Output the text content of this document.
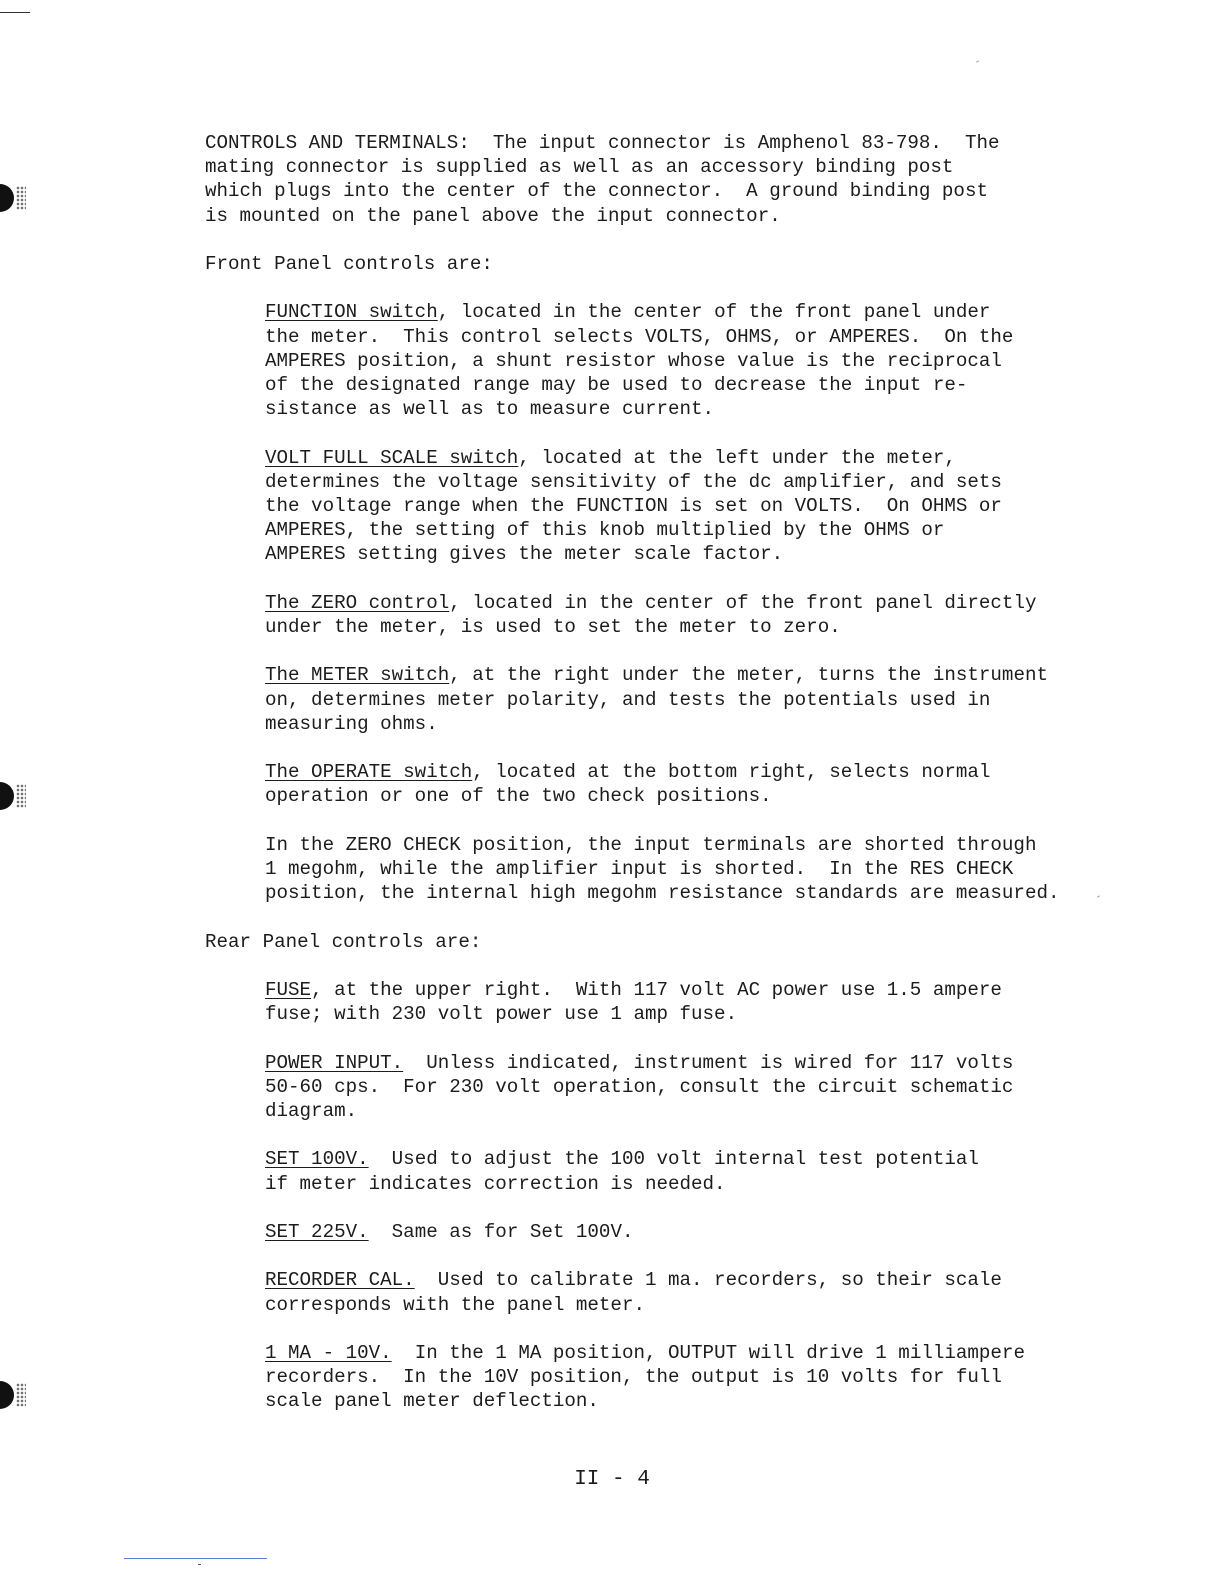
CONTROLS AND TERMINALS:  The input connector is Amphenol 83-798.  The
mating connector is supplied as well as an accessory binding post
which plugs into the center of the connector.  A ground binding post
is mounted on the panel above the input connector.

Front Panel controls are:

FUNCTION switch, located in the center of the front panel under
the meter.  This control selects VOLTS, OHMS, or AMPERES.  On the
AMPERES position, a shunt resistor whose value is the reciprocal
of the designated range may be used to decrease the input re-
sistance as well as to measure current.

VOLT FULL SCALE switch, located at the left under the meter,
determines the voltage sensitivity of the dc amplifier, and sets
the voltage range when the FUNCTION is set on VOLTS.  On OHMS or
AMPERES, the setting of this knob multiplied by the OHMS or
AMPERES setting gives the meter scale factor.

The ZERO control, located in the center of the front panel directly
under the meter, is used to set the meter to zero.

The METER switch, at the right under the meter, turns the instrument
on, determines meter polarity, and tests the potentials used in
measuring ohms.

The OPERATE switch, located at the bottom right, selects normal
operation or one of the two check positions.

In the ZERO CHECK position, the input terminals are shorted through
1 megohm, while the amplifier input is shorted.  In the RES CHECK
position, the internal high megohm resistance standards are measured.

Rear Panel controls are:

FUSE, at the upper right.  With 117 volt AC power use 1.5 ampere
fuse; with 230 volt power use 1 amp fuse.

POWER INPUT.  Unless indicated, instrument is wired for 117 volts
50-60 cps.  For 230 volt operation, consult the circuit schematic
diagram.

SET 100V.  Used to adjust the 100 volt internal test potential
if meter indicates correction is needed.

SET 225V.  Same as for Set 100V.

RECORDER CAL.  Used to calibrate 1 ma. recorders, so their scale
corresponds with the panel meter.

1 MA - 10V.  In the 1 MA position, OUTPUT will drive 1 milliampere
recorders.  In the 10V position, the output is 10 volts for full
scale panel meter deflection.

II - 4
